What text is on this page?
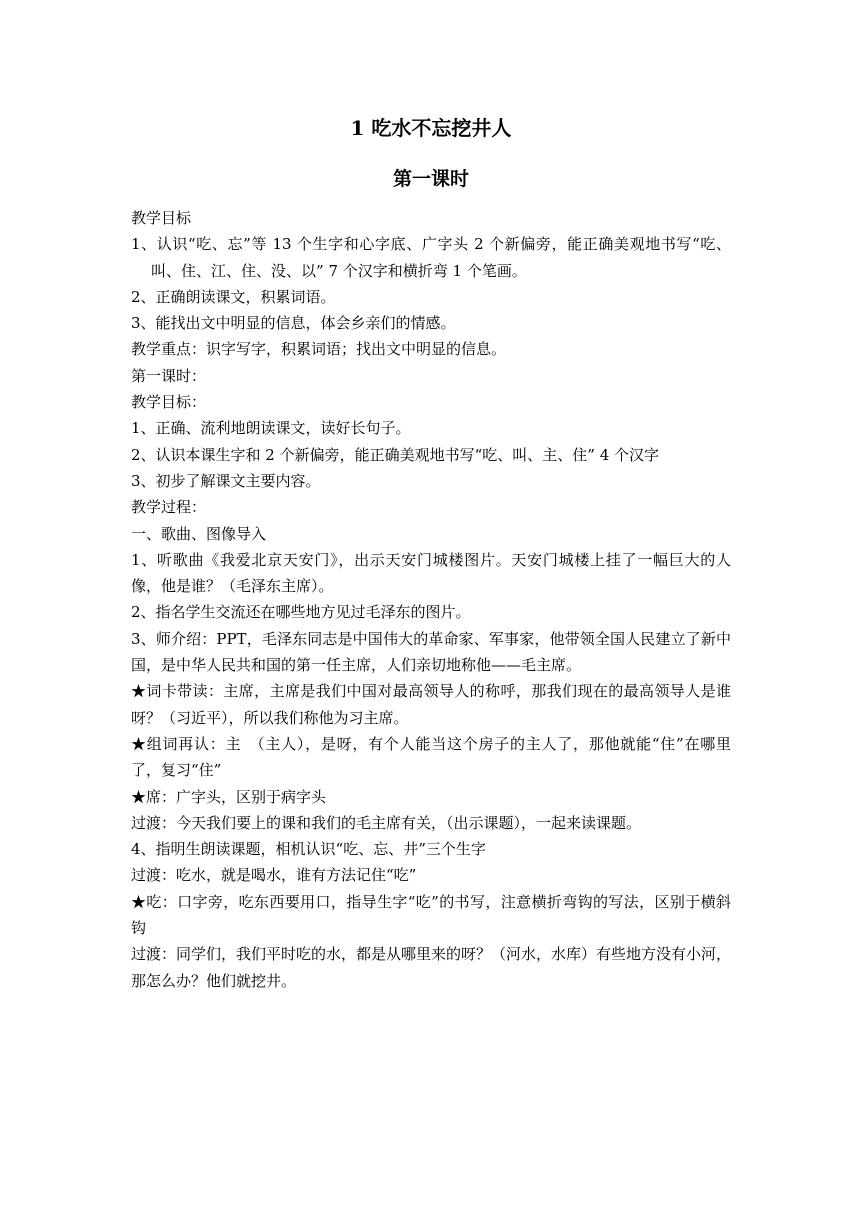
1 吃水不忘挖井人
第一课时

教学目标

1、认识“吃、忘”等 13 个生字和心字底、广字头 2 个新偏旁，能正确美观地书写“吃、叫、住、江、住、没、以” 7 个汉字和横折弯 1 个笔画。

2、正确朗读课文，积累词语。

3、能找出文中明显的信息，体会乡亲们的情感。

教学重点：识字写字，积累词语；找出文中明显的信息。

第一课时：

教学目标：

1、正确、流利地朗读课文，读好长句子。

2、认识本课生字和 2 个新偏旁，能正确美观地书写“吃、叫、主、住” 4 个汉字

3、初步了解课文主要内容。

教学过程：

一、歌曲、图像导入

1、听歌曲《我爱北京天安门》，出示天安门城楼图片。天安门城楼上挂了一幅巨大的人像，他是谁？（毛泽东主席）。

2、指名学生交流还在哪些地方见过毛泽东的图片。

3、师介绍：PPT，毛泽东同志是中国伟大的革命家、军事家，他带领全国人民建立了新中国，是中华人民共和国的第一任主席，人们亲切地称他——毛主席。

★词卡带读：主席，主席是我们中国对最高领导人的称呼，那我们现在的最高领导人是谁呀？（习近平），所以我们称他为习主席。

★组词再认：主　（主人），是呀，有个人能当这个房子的主人了，那他就能“住”在哪里了，复习“住”

★席：广字头，区别于病字头

过渡：今天我们要上的课和我们的毛主席有关，（出示课题），一起来读课题。

4、指明生朗读课题，相机认识“吃、忘、井”三个生字

过渡：吃水，就是喝水，谁有方法记住“吃”

★吃：口字旁，吃东西要用口，指导生字“吃”的书写，注意横折弯钩的写法，区别于横斜钩

过渡：同学们，我们平时吃的水，都是从哪里来的呀？（河水，水库）有些地方没有小河，那怎么办？他们就挖井。
